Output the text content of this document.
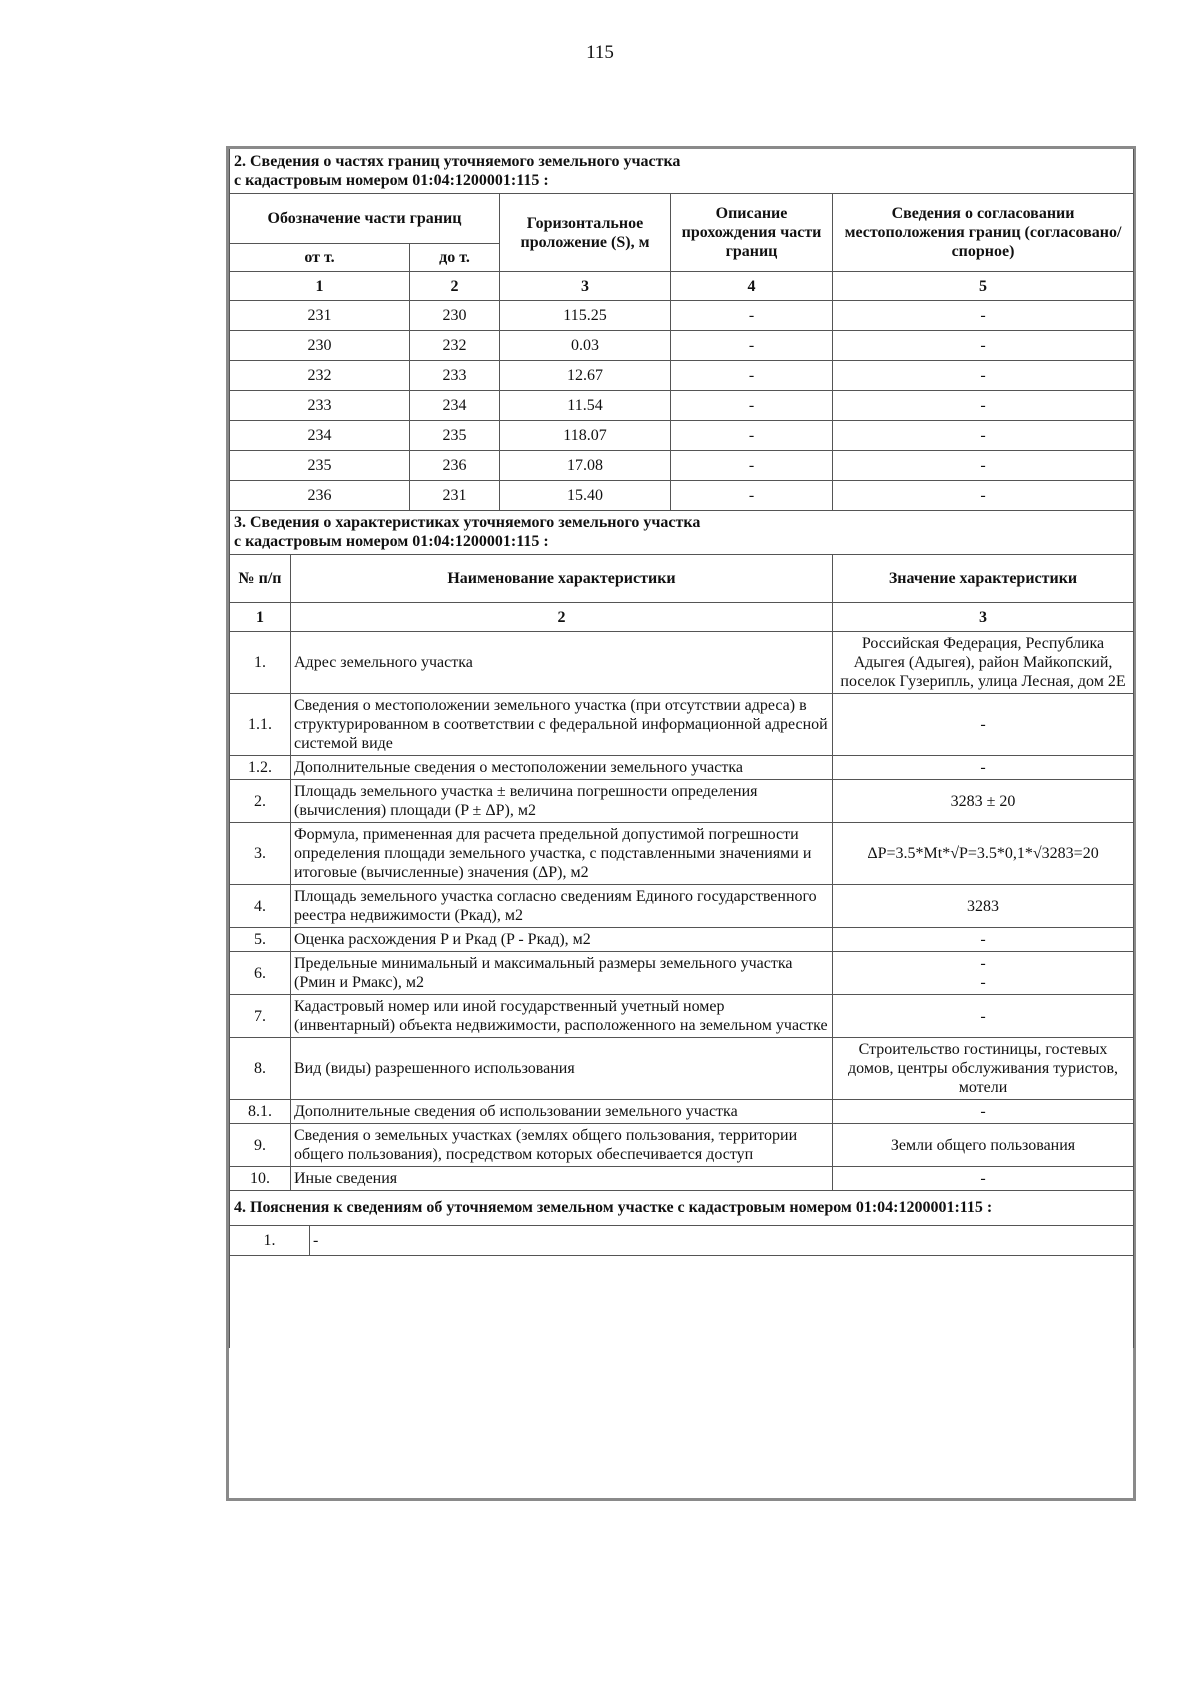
115
2. Сведения о частях границ уточняемого земельного участка
с кадастровым номером 01:04:1200001:115 :				
Обозначение части границ		Горизонтальное проложение (S), м	Описание прохождения части границ	Сведения о согласовании местоположения границ (согласовано/спорное)
от т.	до т.			
1	2	3	4	5
231	230	115.25	-	-
230	232	0.03	-	-
232	233	12.67	-	-
233	234	11.54	-	-
234	235	118.07	-	-
235	236	17.08	-	-
236	231	15.40	-	-
3. Сведения о характеристиках уточняемого земельного участка
с кадастровым номером 01:04:1200001:115 :		
№ п/п	Наименование характеристики	Значение характеристики
1	2	3
1.	Адрес земельного участка	Российская Федерация, Республика Адыгея (Адыгея), район Майкопский, поселок Гузерипль, улица Лесная, дом 2Е
1.1.	Сведения о местоположении земельного участка (при отсутствии адреса) в структурированном в соответствии с федеральной информационной адресной системой виде	-
1.2.	Дополнительные сведения о местоположении земельного участка	-
2.	Площадь земельного участка ± величина погрешности определения (вычисления) площади (P ± ΔP), м2	3283 ± 20
3.	Формула, примененная для расчета предельной допустимой погрешности определения площади земельного участка, с подставленными значениями и итоговые (вычисленные) значения (ΔP), м2	ΔP=3.5*Mt*√P=3.5*0,1*√3283=20
4.	Площадь земельного участка согласно сведениям Единого государственного реестра недвижимости (Pкад), м2	3283
5.	Оценка расхождения P и Pкад (P - Pкад), м2	-
6.	Предельные минимальный и максимальный размеры земельного участка (Pмин и Pмакс), м2	-
-
7.	Кадастровый номер или иной государственный учетный номер (инвентарный) объекта недвижимости, расположенного на земельном участке	-
8.	Вид (виды) разрешенного использования	Строительство гостиницы, гостевых домов, центры обслуживания туристов, мотели
8.1.	Дополнительные сведения об использовании земельного участка	-
9.	Сведения о земельных участках (землях общего пользования, территории общего пользования), посредством которых обеспечивается доступ	Земли общего пользования
10.	Иные сведения	-
4. Пояснения к сведениям об уточняемом земельном участке с кадастровым номером 01:04:1200001:115 :
1.	-
